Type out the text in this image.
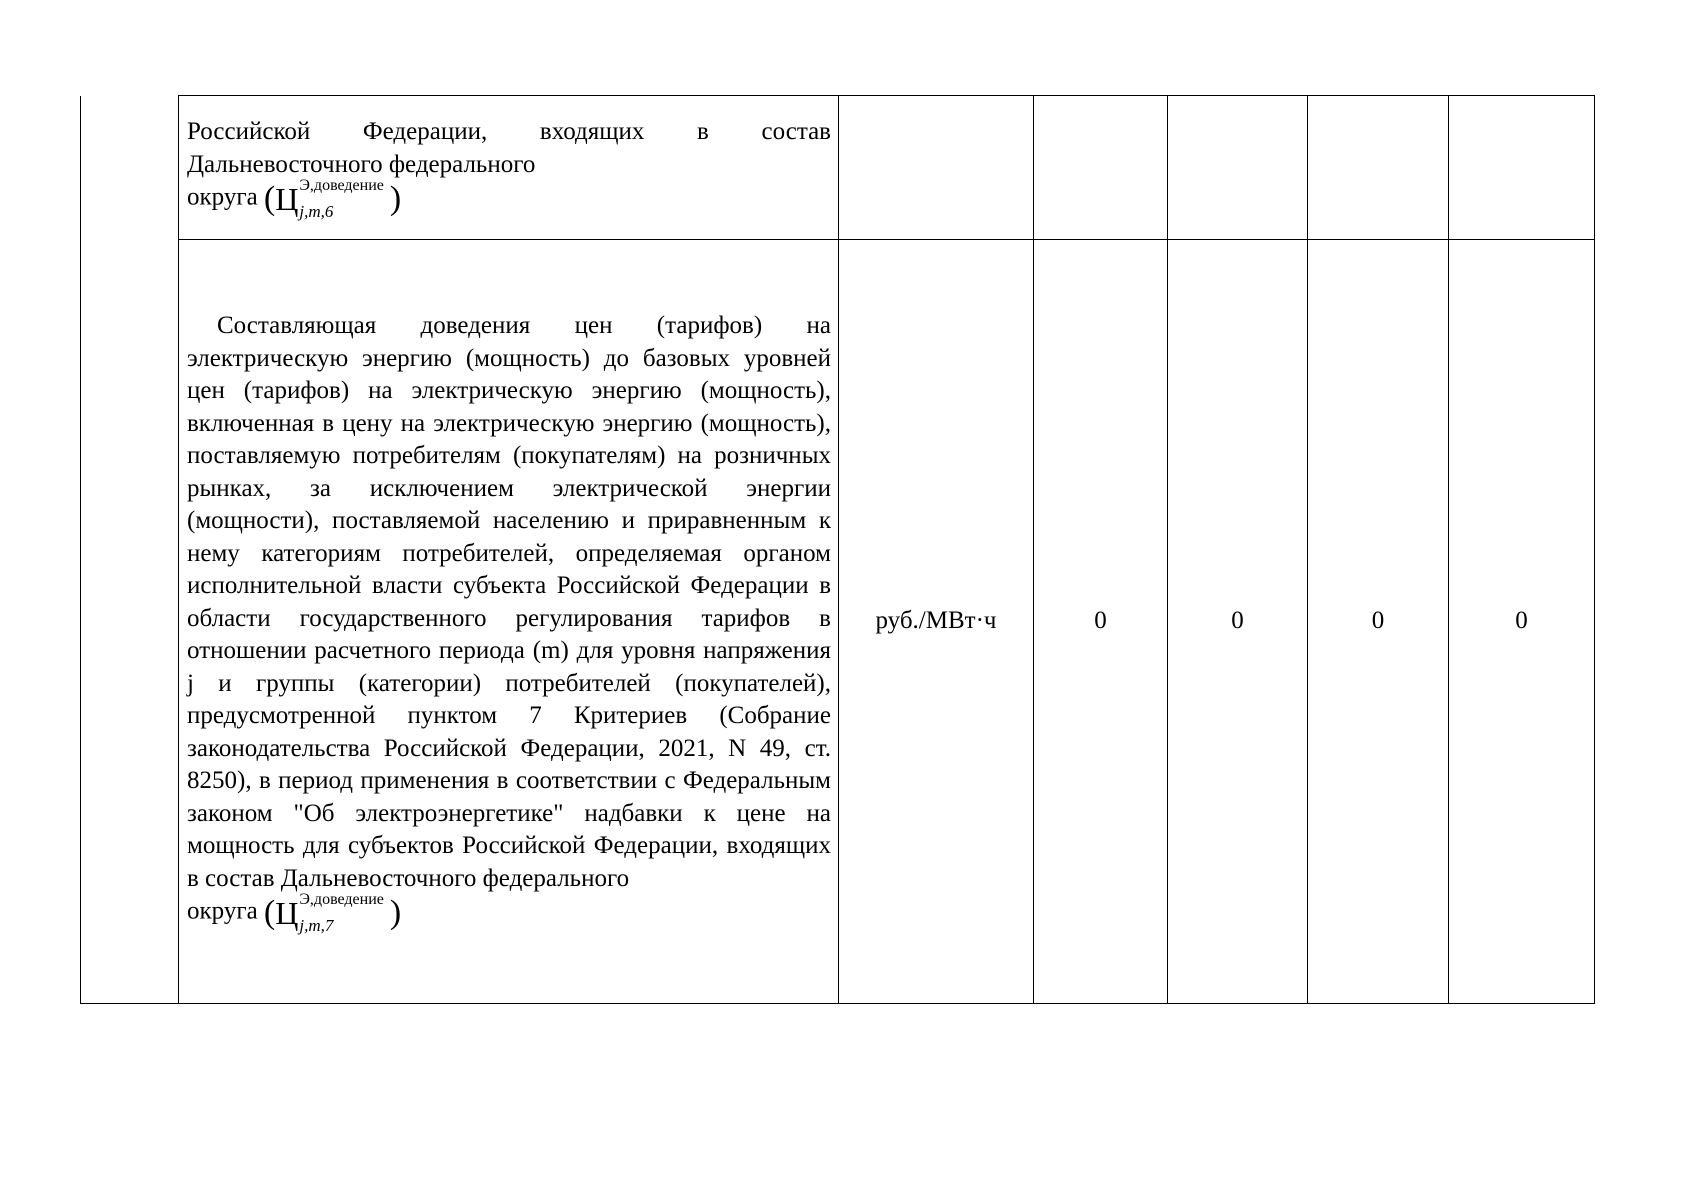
	Российской Федерации, входящих в состав Дальневосточного федерального

округа (Ц Э,доведение
j,m,6 )					

	Составляющая доведения цен (тарифов) на электрическую энергию (мощность) до базовых уровней цен (тарифов) на электрическую энергию (мощность), включенная в цену на электрическую энергию (мощность), поставляемую потребителям (покупателям) на розничных рынках, за исключением электрической энергии (мощности), поставляемой населению и приравненным к нему категориям потребителей, определяемая органом исполнительной власти субъекта Российской Федерации в области государственного регулирования тарифов в отношении расчетного периода (m) для уровня напряжения j и группы (категории) потребителей (покупателей), предусмотренной пунктом 7 Критериев (Собрание законодательства Российской Федерации, 2021, N 49, ст. 8250), в период применения в соответствии с Федеральным законом "Об электроэнергетике" надбавки к цене на мощность для субъектов Российской Федерации, входящих в состав Дальневосточного федерального

округа (Ц Э,доведение
j,m,7 )	руб./МВт·ч	0	0	0	0
